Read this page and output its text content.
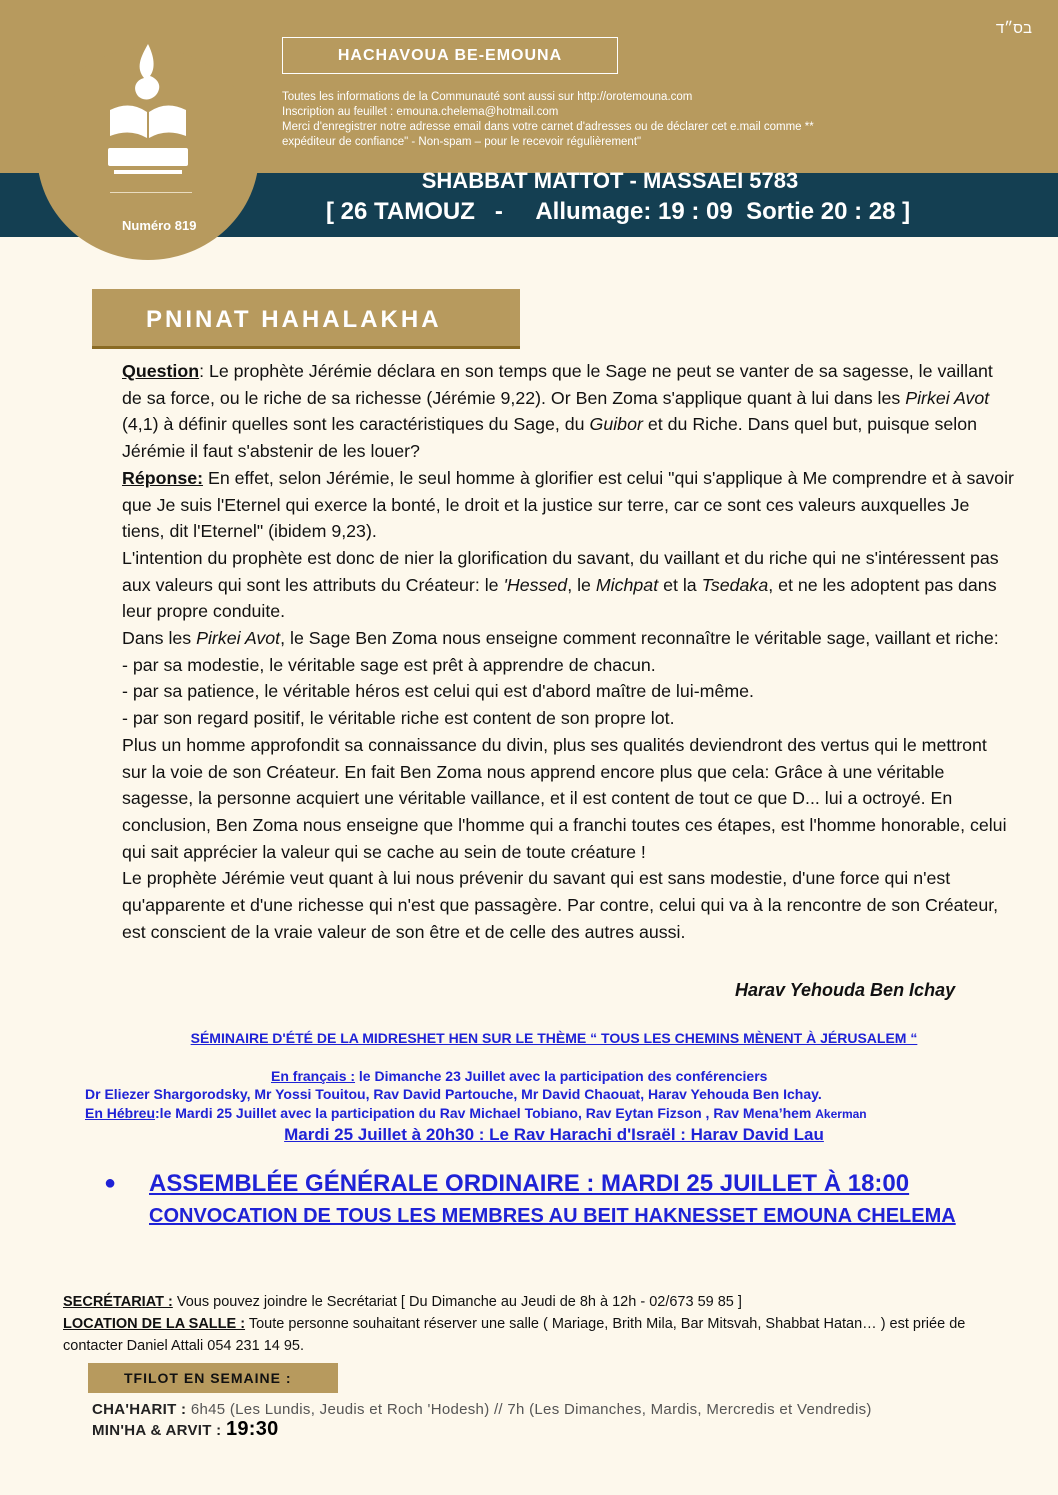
בס״ד
Numéro 819
HACHAVOUA BE-EMOUNA
Toutes les informations de la Communauté sont aussi sur http://orotemouna.com
Inscription au feuillet : emouna.chelema@hotmail.com
Merci d'enregistrer notre adresse email dans votre carnet d'adresses ou de déclarer cet e.mail comme **
expéditeur de confiance" - Non-spam – pour le recevoir régulièrement"
SHABBAT MATTOT - MASSAEI 5783
[ 26 TAMOUZ   -     Allumage: 19 : 09  Sortie 20 : 28 ]
PNINAT HAHALAKHA

Question: Le prophète Jérémie déclara en son temps que le Sage ne peut se vanter de sa sagesse, le vaillant de sa force, ou le riche de sa richesse (Jérémie 9,22). Or Ben Zoma s'applique quant à lui dans les Pirkei Avot (4,1) à définir quelles sont les caractéristiques du Sage, du Guibor et du Riche. Dans quel but, puisque selon Jérémie il faut s'abstenir de les louer?

Réponse: En effet, selon Jérémie, le seul homme à glorifier est celui "qui s'applique à Me comprendre et à savoir que Je suis l'Eternel qui exerce la bonté, le droit et la justice sur terre, car ce sont ces valeurs auxquelles Je tiens, dit l'Eternel" (ibidem 9,23).

L'intention du prophète est donc de nier la glorification du savant, du vaillant et du riche qui ne s'intéressent pas aux valeurs qui sont les attributs du Créateur: le 'Hessed, le Michpat et la Tsedaka, et ne les adoptent pas dans leur propre conduite.

Dans les Pirkei Avot, le Sage Ben Zoma nous enseigne comment reconnaître le véritable sage, vaillant et riche:

- par sa modestie, le véritable sage est prêt à apprendre de chacun.

- par sa patience, le véritable héros est celui qui est d'abord maître de lui-même.

- par son regard positif, le véritable riche est content de son propre lot.

Plus un homme approfondit sa connaissance du divin, plus ses qualités deviendront des vertus qui le mettront sur la voie de son Créateur. En fait Ben Zoma nous apprend encore plus que cela: Grâce à une véritable sagesse, la personne acquiert une véritable vaillance, et il est content de tout ce que D... lui a octroyé. En conclusion, Ben Zoma nous enseigne que l'homme qui a franchi toutes ces étapes, est l'homme honorable, celui qui sait apprécier la valeur qui se cache au sein de toute créature !

Le prophète Jérémie veut quant à lui nous prévenir du savant qui est sans modestie, d'une force qui n'est qu'apparente et d'une richesse qui n'est que passagère. Par contre, celui qui va à la rencontre de son Créateur, est conscient de la vraie valeur de son être et de celle des autres aussi.

Harav Yehouda Ben Ichay
SÉMINAIRE D'ÉTÉ DE LA MIDRESHET HEN SUR LE THÈME “ TOUS LES CHEMINS MÈNENT À JÉRUSALEM “
En français : le Dimanche 23 Juillet avec la participation des conférenciers
Dr Eliezer Shargorodsky, Mr Yossi Touitou, Rav David Partouche, Mr David Chaouat, Harav Yehouda Ben Ichay.
En Hébreu:le Mardi 25 Juillet avec la participation du Rav Michael Tobiano, Rav Eytan Fizson , Rav Mena’hem Akerman
Mardi 25 Juillet à 20h30 : Le Rav Harachi d'Israël : Harav David Lau
● ASSEMBLÉE GÉNÉRALE ORDINAIRE : MARDI 25 JUILLET À 18:00
CONVOCATION DE TOUS LES MEMBRES AU BEIT HAKNESSET EMOUNA CHELEMA

SECRÉTARIAT : Vous pouvez joindre le Secrétariat [ Du Dimanche au Jeudi de 8h à 12h - 02/673 59 85 ]

LOCATION DE LA SALLE : Toute personne souhaitant réserver une salle ( Mariage, Brith Mila, Bar Mitsvah, Shabbat Hatan… ) est priée de contacter Daniel Attali 054 231 14 95.

TFILOT EN SEMAINE :
CHA'HARIT : 6h45 (Les Lundis, Jeudis et Roch 'Hodesh) // 7h (Les Dimanches, Mardis, Mercredis et Vendredis)
MIN'HA & ARVIT : 19:30
